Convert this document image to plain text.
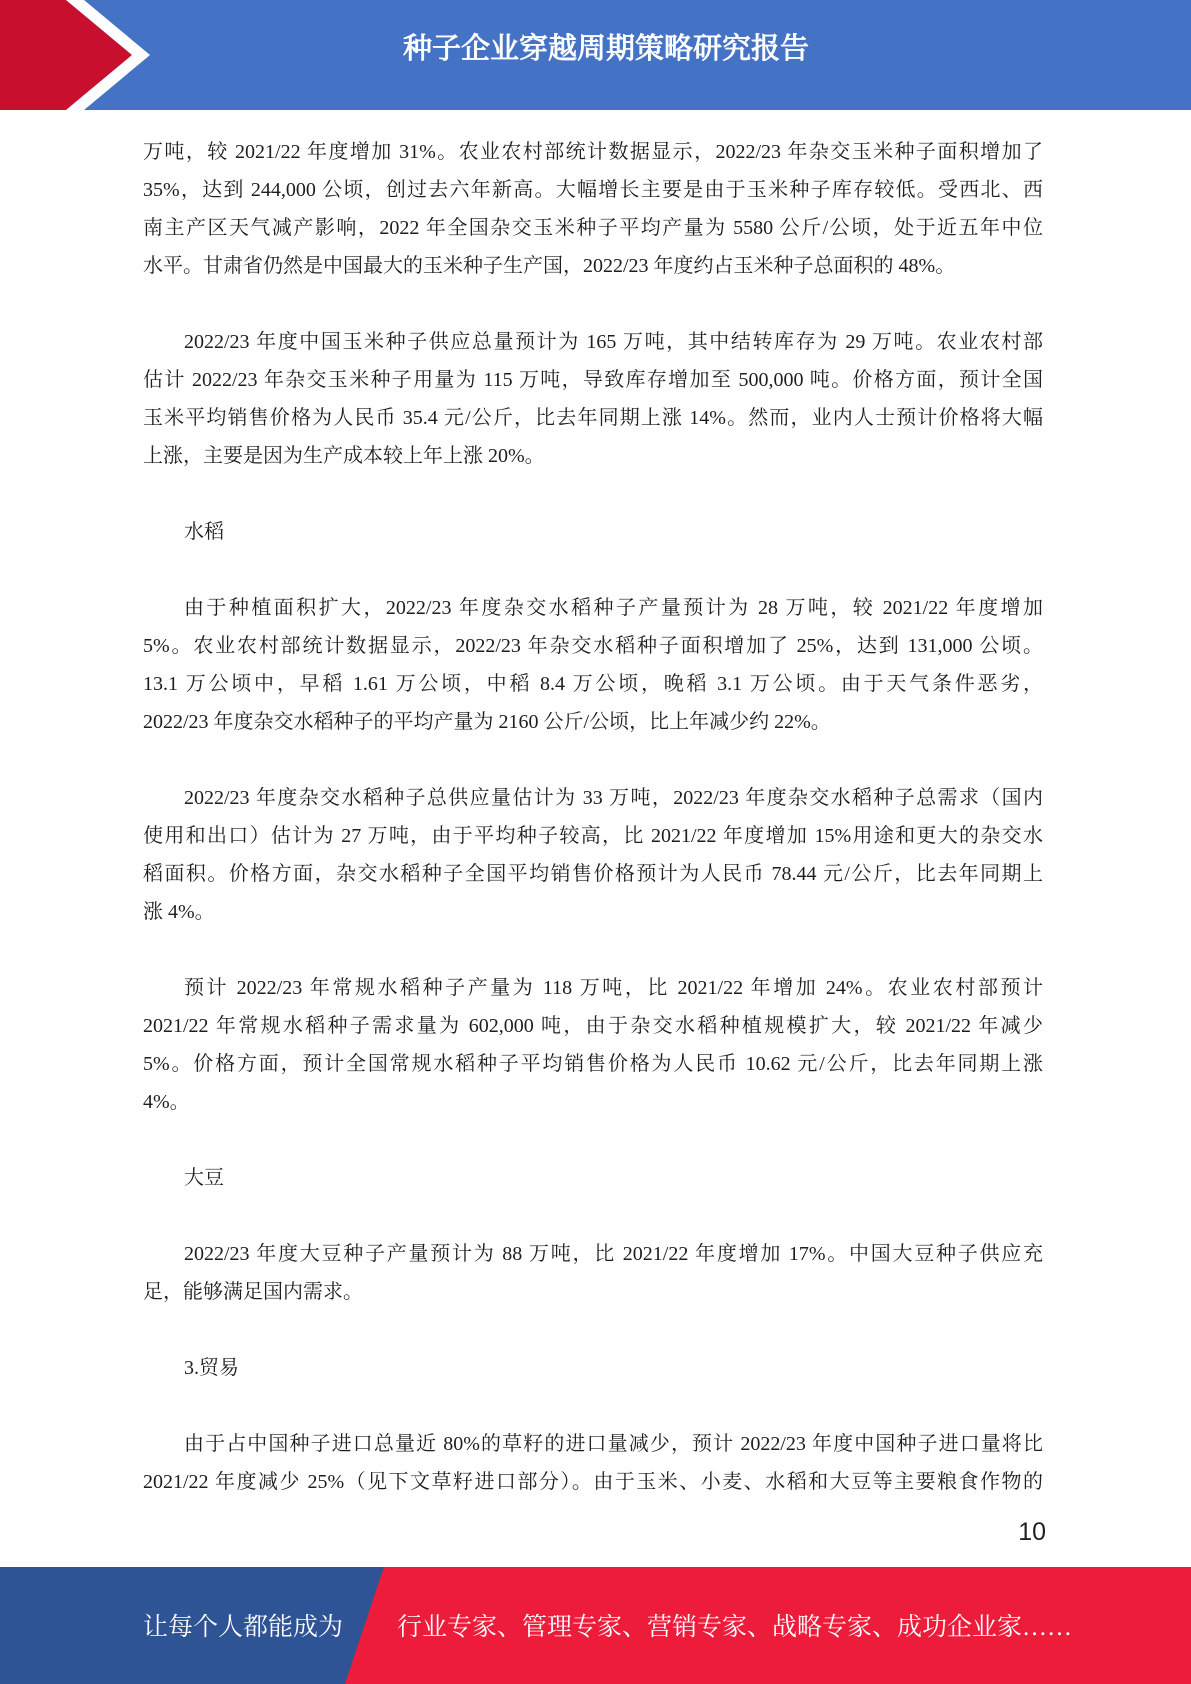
种子企业穿越周期策略研究报告
万吨，较 2021/22 年度增加 31%。农业农村部统计数据显示，2022/23 年杂交玉米种子面积增加了
35%，达到 244,000 公顷，创过去六年新高。大幅增长主要是由于玉米种子库存较低。受西北、西
南主产区天气减产影响，2022 年全国杂交玉米种子平均产量为 5580 公斤/公顷，处于近五年中位
水平。甘肃省仍然是中国最大的玉米种子生产国，2022/23 年度约占玉米种子总面积的 48%。
2022/23 年度中国玉米种子供应总量预计为 165 万吨，其中结转库存为 29 万吨。农业农村部
估计 2022/23 年杂交玉米种子用量为 115 万吨，导致库存增加至 500,000 吨。价格方面，预计全国
玉米平均销售价格为人民币 35.4 元/公斤，比去年同期上涨 14%。然而，业内人士预计价格将大幅
上涨，主要是因为生产成本较上年上涨 20%。
水稻
由于种植面积扩大，2022/23 年度杂交水稻种子产量预计为 28 万吨，较 2021/22 年度增加
5%。农业农村部统计数据显示，2022/23 年杂交水稻种子面积增加了 25%，达到 131,000 公顷。
13.1 万公顷中，早稻 1.61 万公顷，中稻 8.4 万公顷，晚稻 3.1 万公顷。由于天气条件恶劣，
2022/23 年度杂交水稻种子的平均产量为 2160 公斤/公顷，比上年减少约 22%。
2022/23 年度杂交水稻种子总供应量估计为 33 万吨，2022/23 年度杂交水稻种子总需求（国内
使用和出口）估计为 27 万吨，由于平均种子较高，比 2021/22 年度增加 15%用途和更大的杂交水
稻面积。价格方面，杂交水稻种子全国平均销售价格预计为人民币 78.44 元/公斤，比去年同期上
涨 4%。
预计 2022/23 年常规水稻种子产量为 118 万吨，比 2021/22 年增加 24%。农业农村部预计
2021/22 年常规水稻种子需求量为 602,000 吨，由于杂交水稻种植规模扩大，较 2021/22 年减少
5%。价格方面，预计全国常规水稻种子平均销售价格为人民币 10.62 元/公斤，比去年同期上涨
4%。
大豆
2022/23 年度大豆种子产量预计为 88 万吨，比 2021/22 年度增加 17%。中国大豆种子供应充
足，能够满足国内需求。
3.贸易
由于占中国种子进口总量近 80%的草籽的进口量减少，预计 2022/23 年度中国种子进口量将比
2021/22 年度减少 25%（见下文草籽进口部分）。由于玉米、小麦、水稻和大豆等主要粮食作物的
10
让每个人都能成为 行业专家、管理专家、营销专家、战略专家、成功企业家……
